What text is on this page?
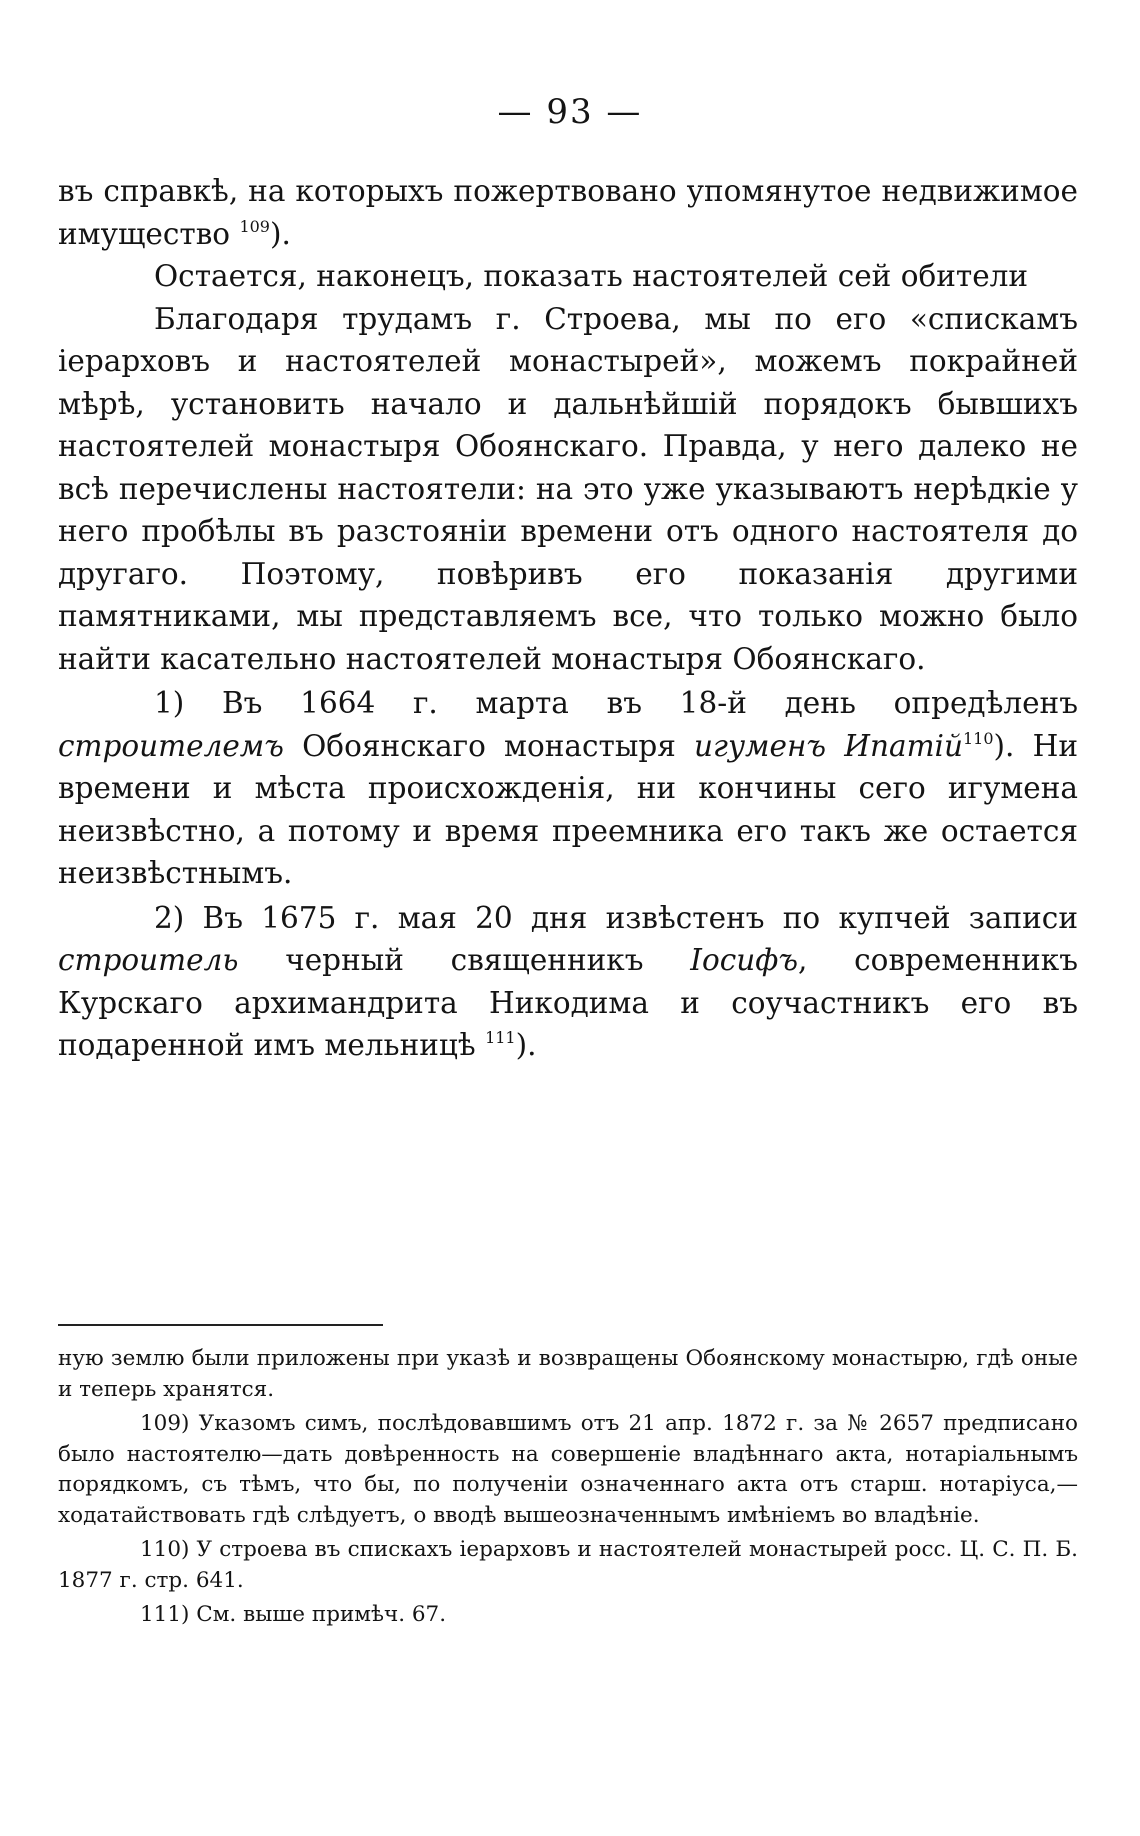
— 93 —

въ справкѣ, на которыхъ пожертвовано упомянутое недвижимое имущество $^{109}$).

Остается, наконецъ, показать настоятелей сей обители

Благодаря трудамъ г. Строева, мы по его «спискамъ іерарховъ и настоятелей монастырей», можемъ покрайней мѣрѣ, установить начало и дальнѣйшій порядокъ бывшихъ настоятелей монастыря Обоянскаго. Правда, у него далеко не всѣ перечислены настоятели: на это уже указываютъ нерѣдкіе у него пробѣлы въ разстояніи времени отъ одного настоятеля до другаго. Поэтому, повѣривъ его показанія другими памятниками, мы представляемъ все, что только можно было найти касательно настоятелей монастыря Обоянскаго.

1) Въ 1664 г. марта въ 18-й день опредѣленъ строителемъ Обоянскаго монастыря игуменъ Ипатій$^{110}$). Ни времени и мѣста происхожденія, ни кончины сего игумена неизвѣстно, а потому и время преемника его такъ же остается неизвѣстнымъ.

2) Въ 1675 г. мая 20 дня извѣстенъ по купчей записи строитель черный священникъ Іосифъ, современникъ Курскаго архимандрита Никодима и соучастникъ его въ подаренной имъ мельницѣ $^{111}$).

ную землю были приложены при указѣ и возвращены Обоянскому монастырю, гдѣ оные и теперь хранятся.

109) Указомъ симъ, послѣдовавшимъ отъ 21 апр. 1872 г. за № 2657 предписано было настоятелю—дать довѣренность на совершеніе владѣннаго акта, нотаріальнымъ порядкомъ, съ тѣмъ, что бы, по полученіи означеннаго акта отъ старш. нотаріуса,—ходатайствовать гдѣ слѣдуетъ, о вводѣ вышеозначеннымъ имѣніемъ во владѣніе.

110) У строева въ спискахъ іерарховъ и настоятелей монастырей росс. Ц. С. П. Б. 1877 г. стр. 641.

111) См. выше примѣч. 67.
